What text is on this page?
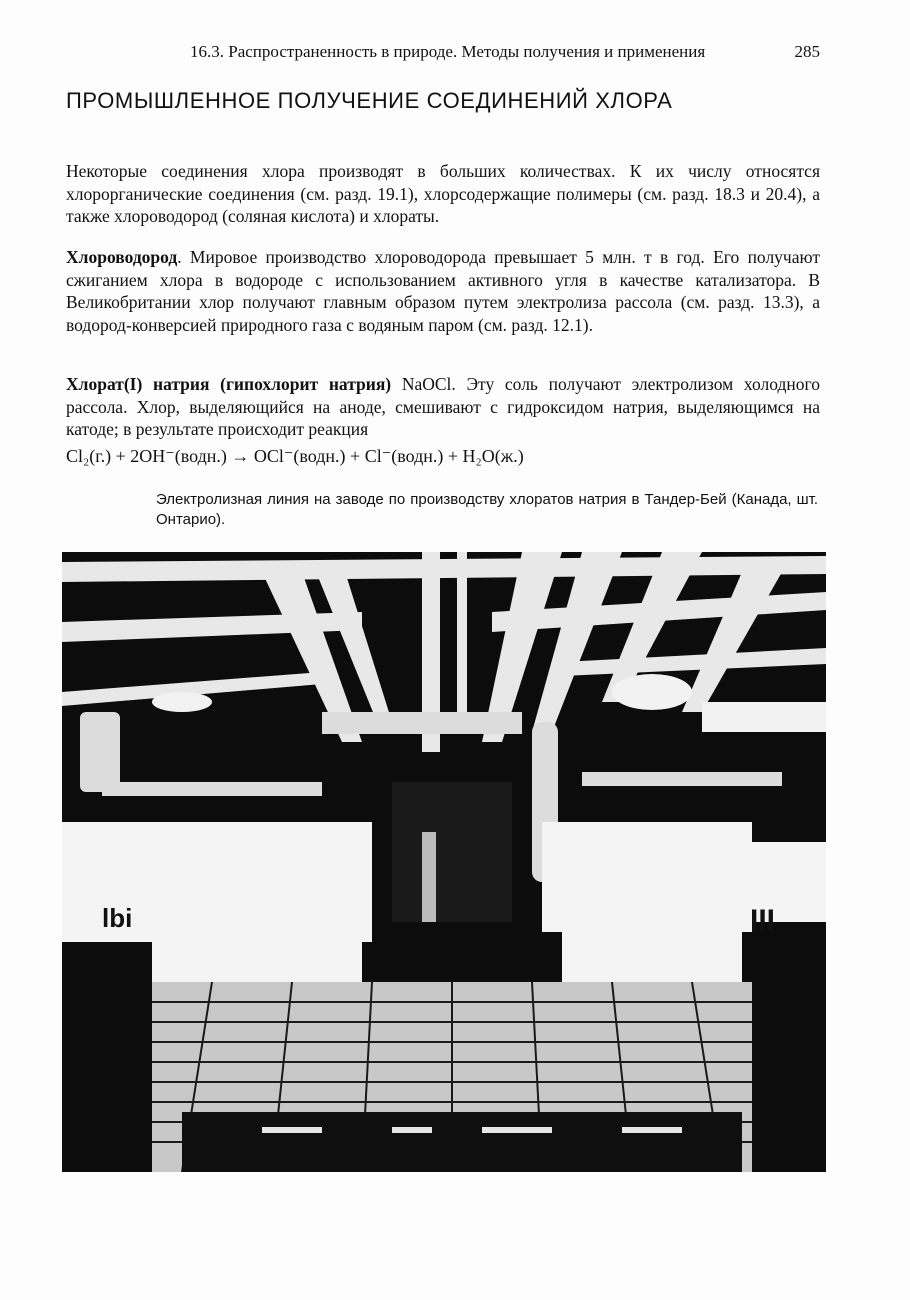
16.3. Распространенность в природе. Методы получения и применения	285
ПРОМЫШЛЕННОЕ ПОЛУЧЕНИЕ СОЕДИНЕНИЙ ХЛОРА

Некоторые соединения хлора производят в больших количествах. К их числу относятся хлорорганические соединения (см. разд. 19.1), хлорсодержащие полимеры (см. разд. 18.3 и 20.4), а также хлороводород (соляная кислота) и хлораты.

Хлороводород. Мировое производство хлороводорода превышает 5 млн. т в год. Его получают сжиганием хлора в водороде с использованием активного угля в качестве катализатора. В Великобритании хлор получают главным образом путем электролиза рассола (см. разд. 13.3), а водород-конверсией природного газа с водяным паром (см. разд. 12.1).

Хлорат(I) натрия (гипохлорит натрия) NaOCl. Эту соль получают электролизом холодного рассола. Хлор, выделяющийся на аноде, смешивают с гидроксидом натрия, выделяющимся на катоде; в результате происходит реакция

Cl₂(г.) + 2OH⁻(водн.) → OCl⁻(водн.) + Cl⁻(водн.) + H₂O(ж.)
Электролизная линия на заводе по производству хлоратов натрия в Тандер-Бей (Канада, шт. Онтарио).
lbi	III
